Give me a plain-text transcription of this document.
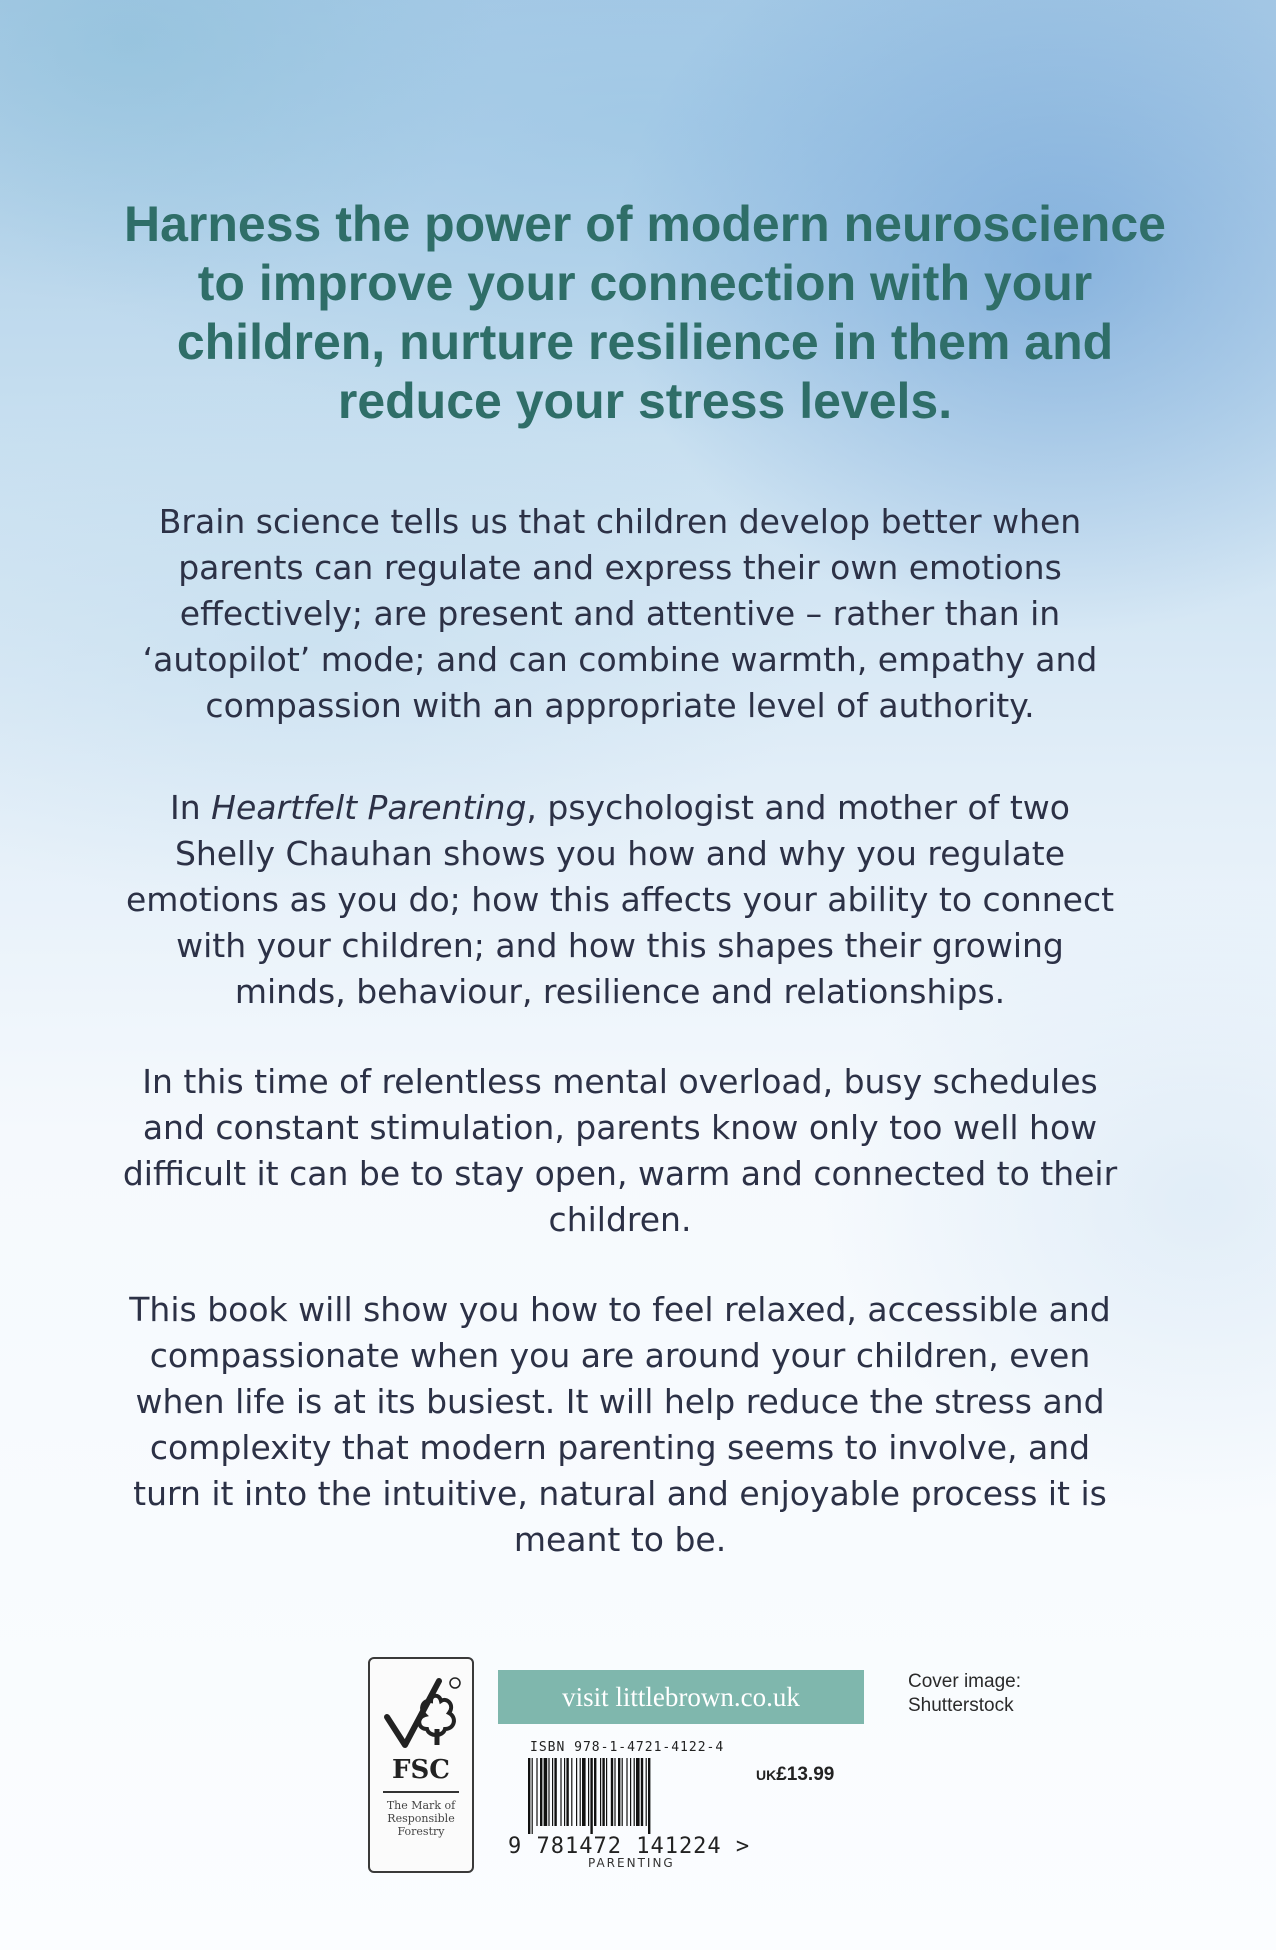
Harness the power of modern neuroscience to improve your connection with your children, nurture resilience in them and reduce your stress levels.

Brain science tells us that children develop better when parents can regulate and express their own emotions effectively; are present and attentive – rather than in ‘autopilot’ mode; and can combine warmth, empathy and compassion with an appropriate level of authority.

In Heartfelt Parenting, psychologist and mother of two Shelly Chauhan shows you how and why you regulate emotions as you do; how this affects your ability to connect with your children; and how this shapes their growing minds, behaviour, resilience and relationships.

In this time of relentless mental overload, busy schedules and constant stimulation, parents know only too well how difficult it can be to stay open, warm and connected to their children.

This book will show you how to feel relaxed, accessible and compassionate when you are around your children, even when life is at its busiest. It will help reduce the stress and complexity that modern parenting seems to involve, and turn it into the intuitive, natural and enjoyable process it is meant to be.

FSC
The Mark of Responsible Forestry
visit littlebrown.co.uk
Cover image: Shutterstock
ISBN 978-1-4721-4122-4
9 781472 141224 >
UK£13.99
PARENTING
